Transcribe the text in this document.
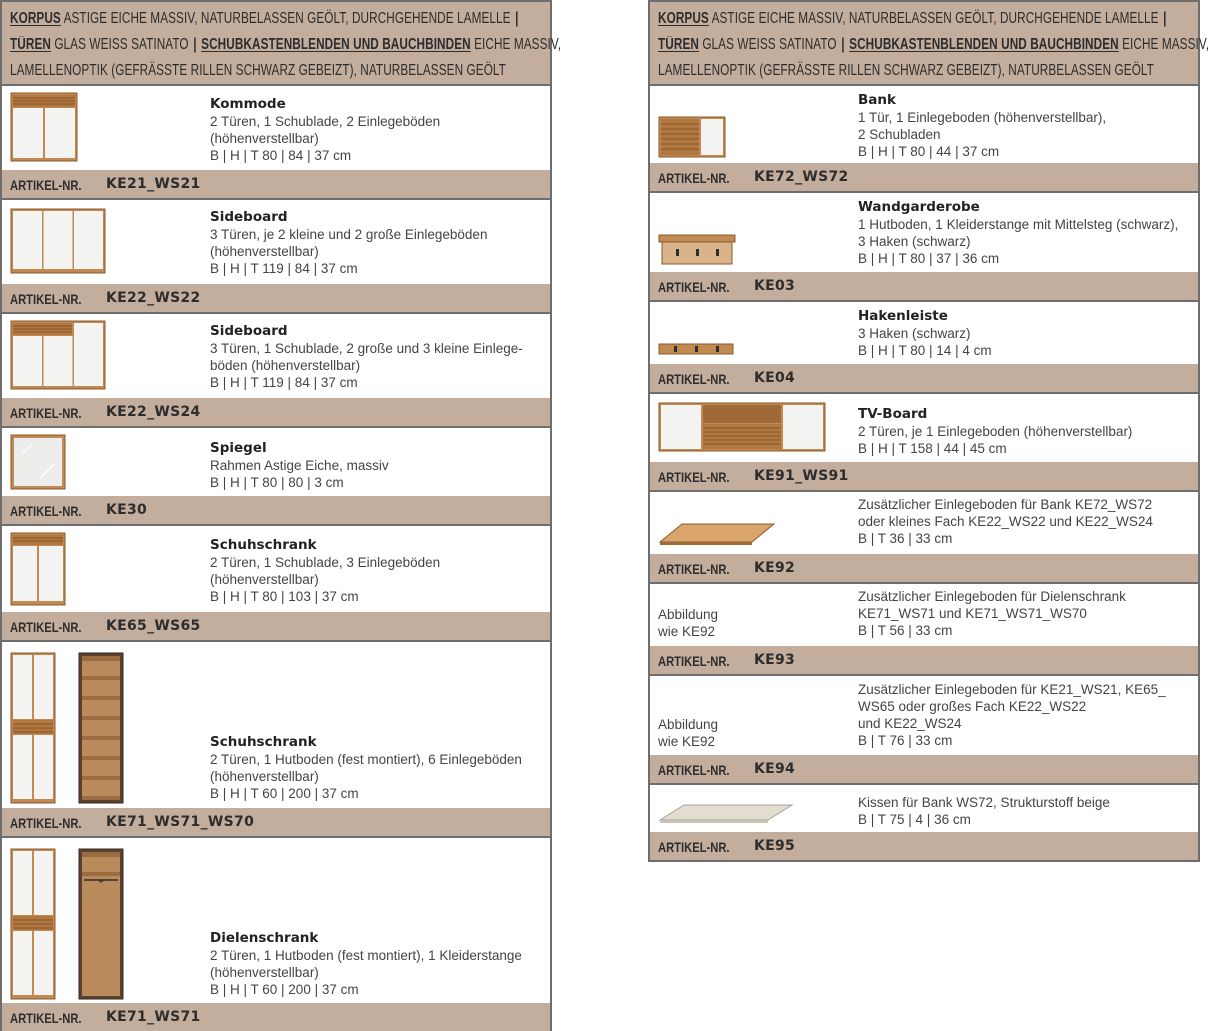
KORPUS ASTIGE EICHE MASSIV, NATURBELASSEN GEÖLT, DURCHGEHENDE LAMELLE |
TÜREN GLAS WEISS SATINATO | SCHUBKASTENBLENDEN UND BAUCHBINDEN EICHE MASSIV,
LAMELLENOPTIK (GEFRÄSSTE RILLEN SCHWARZ GEBEIZT), NATURBELASSEN GEÖLT
Kommode
2 Türen, 1 Schublade, 2 Einlegeböden
(höhenverstellbar)
B | H | T 80 | 84 | 37 cm
ARTIKEL-NR. KE21_WS21
Sideboard
3 Türen, je 2 kleine und 2 große Einlegeböden
(höhenverstellbar)
B | H | T 119 | 84 | 37 cm
ARTIKEL-NR. KE22_WS22
Sideboard
3 Türen, 1 Schublade, 2 große und 3 kleine Einlege-
böden (höhenverstellbar)
B | H | T 119 | 84 | 37 cm
ARTIKEL-NR. KE22_WS24
Spiegel
Rahmen Astige Eiche, massiv
B | H | T 80 | 80 | 3 cm
ARTIKEL-NR. KE30
Schuhschrank
2 Türen, 1 Schublade, 3 Einlegeböden
(höhenverstellbar)
B | H | T 80 | 103 | 37 cm
ARTIKEL-NR. KE65_WS65
Schuhschrank
2 Türen, 1 Hutboden (fest montiert), 6 Einlegeböden
(höhenverstellbar)
B | H | T 60 | 200 | 37 cm
ARTIKEL-NR. KE71_WS71_WS70
Dielenschrank
2 Türen, 1 Hutboden (fest montiert), 1 Kleiderstange
(höhenverstellbar)
B | H | T 60 | 200 | 37 cm
ARTIKEL-NR. KE71_WS71
KORPUS ASTIGE EICHE MASSIV, NATURBELASSEN GEÖLT, DURCHGEHENDE LAMELLE |
TÜREN GLAS WEISS SATINATO | SCHUBKASTENBLENDEN UND BAUCHBINDEN EICHE MASSIV,
LAMELLENOPTIK (GEFRÄSSTE RILLEN SCHWARZ GEBEIZT), NATURBELASSEN GEÖLT
Bank
1 Tür, 1 Einlegeboden (höhenverstellbar),
2 Schubladen
B | H | T 80 | 44 | 37 cm
ARTIKEL-NR. KE72_WS72
Wandgarderobe
1 Hutboden, 1 Kleiderstange mit Mittelsteg (schwarz),
3 Haken (schwarz)
B | H | T 80 | 37 | 36 cm
ARTIKEL-NR. KE03
Hakenleiste
3 Haken (schwarz)
B | H | T 80 | 14 | 4 cm
ARTIKEL-NR. KE04
TV-Board
2 Türen, je 1 Einlegeboden (höhenverstellbar)
B | H | T 158 | 44 | 45 cm
ARTIKEL-NR. KE91_WS91
Zusätzlicher Einlegeboden für Bank KE72_WS72
oder kleines Fach KE22_WS22 und KE22_WS24
B | T 36 | 33 cm
ARTIKEL-NR. KE92
Abbildung
wie KE92
Zusätzlicher Einlegeboden für Dielenschrank
KE71_WS71 und KE71_WS71_WS70
B | T 56 | 33 cm
ARTIKEL-NR. KE93
Abbildung
wie KE92
Zusätzlicher Einlegeboden für KE21_WS21, KE65_
WS65 oder großes Fach KE22_WS22
und KE22_WS24
B | T 76 | 33 cm
ARTIKEL-NR. KE94
Kissen für Bank WS72, Strukturstoff beige
B | T 75 | 4 | 36 cm
ARTIKEL-NR. KE95
